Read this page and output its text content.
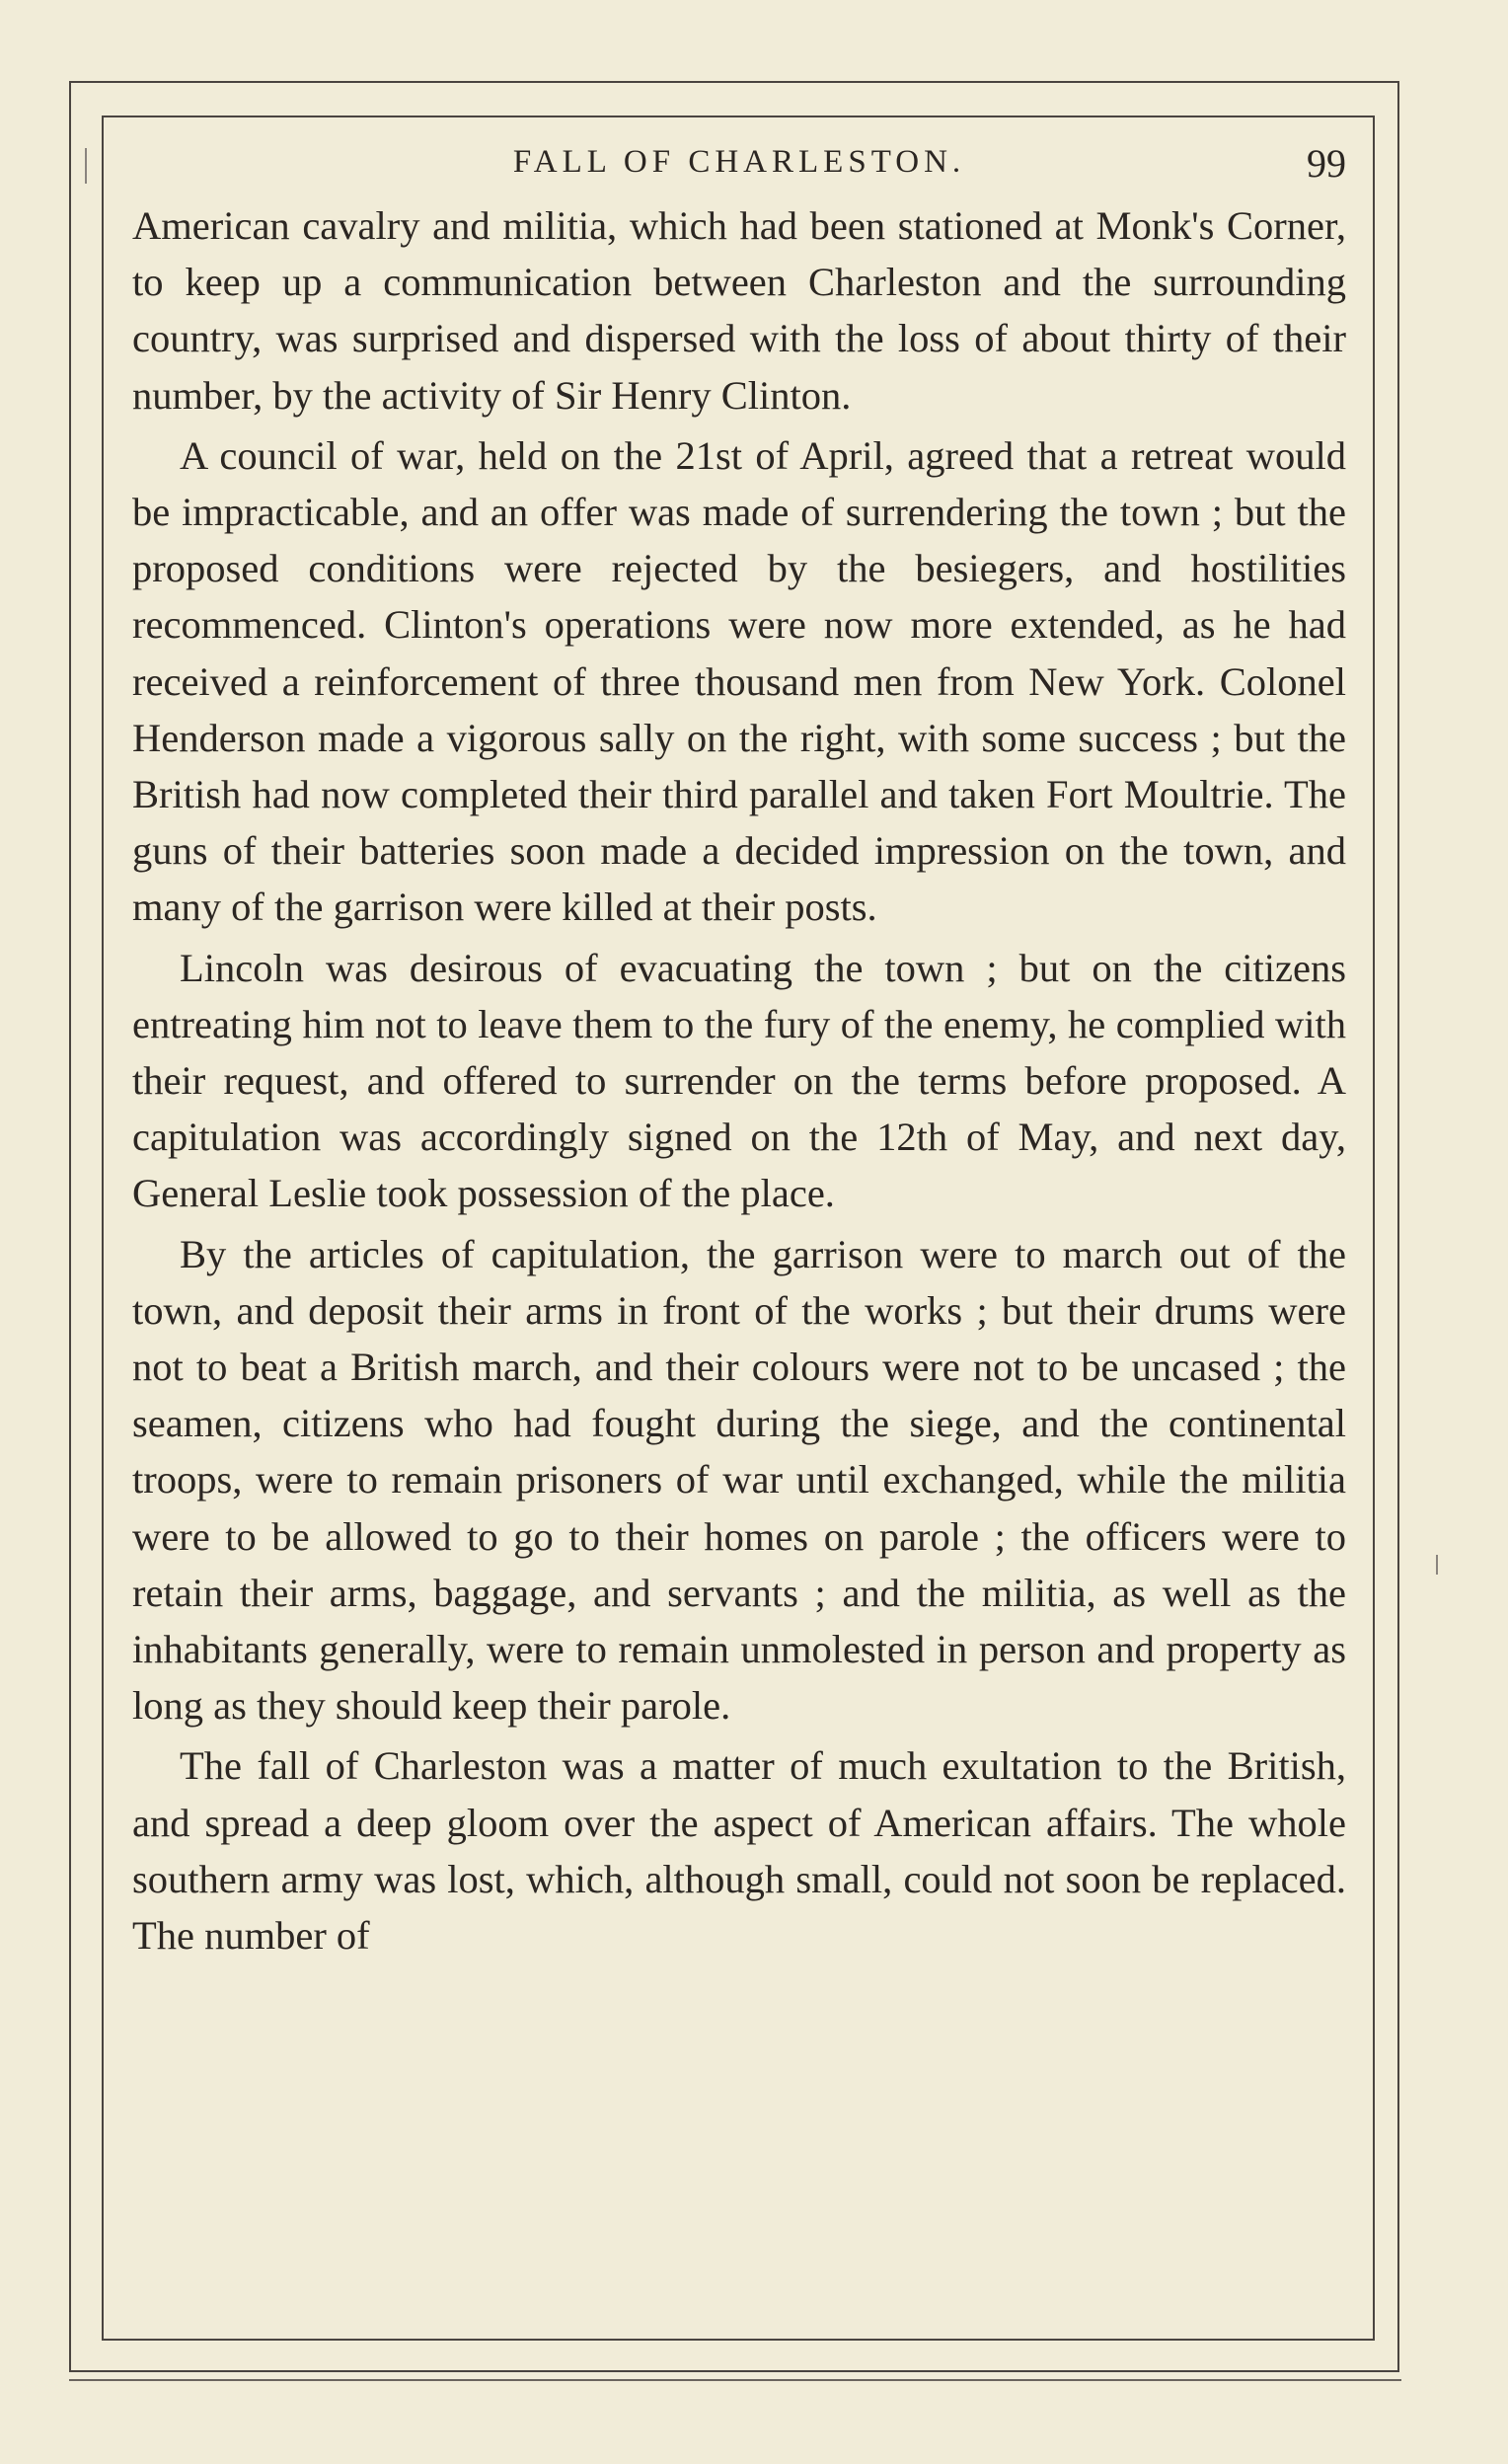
FALL OF CHARLESTON.	99

American cavalry and militia, which had been stationed at Monk's Corner, to keep up a communication between Charleston and the surrounding country, was surprised and dispersed with the loss of about thirty of their number, by the activity of Sir Henry Clinton.

A council of war, held on the 21st of April, agreed that a retreat would be impracticable, and an offer was made of surrendering the town ; but the proposed conditions were rejected by the besiegers, and hostilities recommenced. Clinton's operations were now more extended, as he had received a reinforcement of three thousand men from New York. Colonel Henderson made a vigorous sally on the right, with some success ; but the British had now completed their third parallel and taken Fort Moultrie. The guns of their batteries soon made a decided impression on the town, and many of the garrison were killed at their posts.

Lincoln was desirous of evacuating the town ; but on the citizens entreating him not to leave them to the fury of the enemy, he complied with their request, and offered to surrender on the terms before proposed. A capitulation was accordingly signed on the 12th of May, and next day, General Leslie took possession of the place.

By the articles of capitulation, the garrison were to march out of the town, and deposit their arms in front of the works ; but their drums were not to beat a British march, and their colours were not to be uncased ; the seamen, citizens who had fought during the siege, and the continental troops, were to remain prisoners of war until exchanged, while the militia were to be allowed to go to their homes on parole ; the officers were to retain their arms, baggage, and servants ; and the militia, as well as the inhabitants generally, were to remain unmolested in person and property as long as they should keep their parole.

The fall of Charleston was a matter of much exultation to the British, and spread a deep gloom over the aspect of American affairs. The whole southern army was lost, which, although small, could not soon be replaced. The number of
